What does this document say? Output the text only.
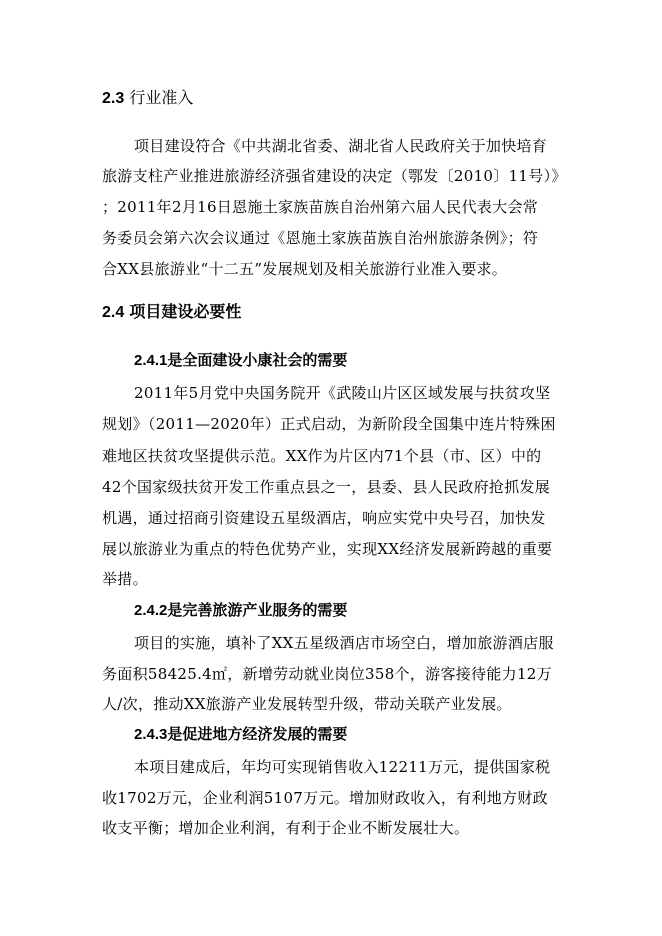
2.3 行业准入
项目建设符合《中共湖北省委、湖北省人民政府关于加快培育
旅游支柱产业推进旅游经济强省建设的决定（鄂发〔2010〕11号）》
；2011年2月16日恩施土家族苗族自治州第六届人民代表大会常
务委员会第六次会议通过《恩施土家族苗族自治州旅游条例》；符
合XX县旅游业“十二五”发展规划及相关旅游行业准入要求。
2.4 项目建设必要性
2.4.1是全面建设小康社会的需要
2011年5月党中央国务院开《武陵山片区区域发展与扶贫攻坚
规划》（2011—2020年）正式启动，为新阶段全国集中连片特殊困
难地区扶贫攻坚提供示范。XX作为片区内71个县（市、区）中的
42个国家级扶贫开发工作重点县之一，县委、县人民政府抢抓发展
机遇，通过招商引资建设五星级酒店，响应实党中央号召，加快发
展以旅游业为重点的特色优势产业，实现XX经济发展新跨越的重要
举措。
2.4.2是完善旅游产业服务的需要
项目的实施，填补了XX五星级酒店市场空白，增加旅游酒店服
务面积58425.4㎡，新增劳动就业岗位358个，游客接待能力12万
人/次，推动XX旅游产业发展转型升级，带动关联产业发展。
2.4.3是促进地方经济发展的需要
本项目建成后，年均可实现销售收入12211万元，提供国家税
收1702万元，企业利润5107万元。增加财政收入，有利地方财政
收支平衡；增加企业利润，有利于企业不断发展壮大。
